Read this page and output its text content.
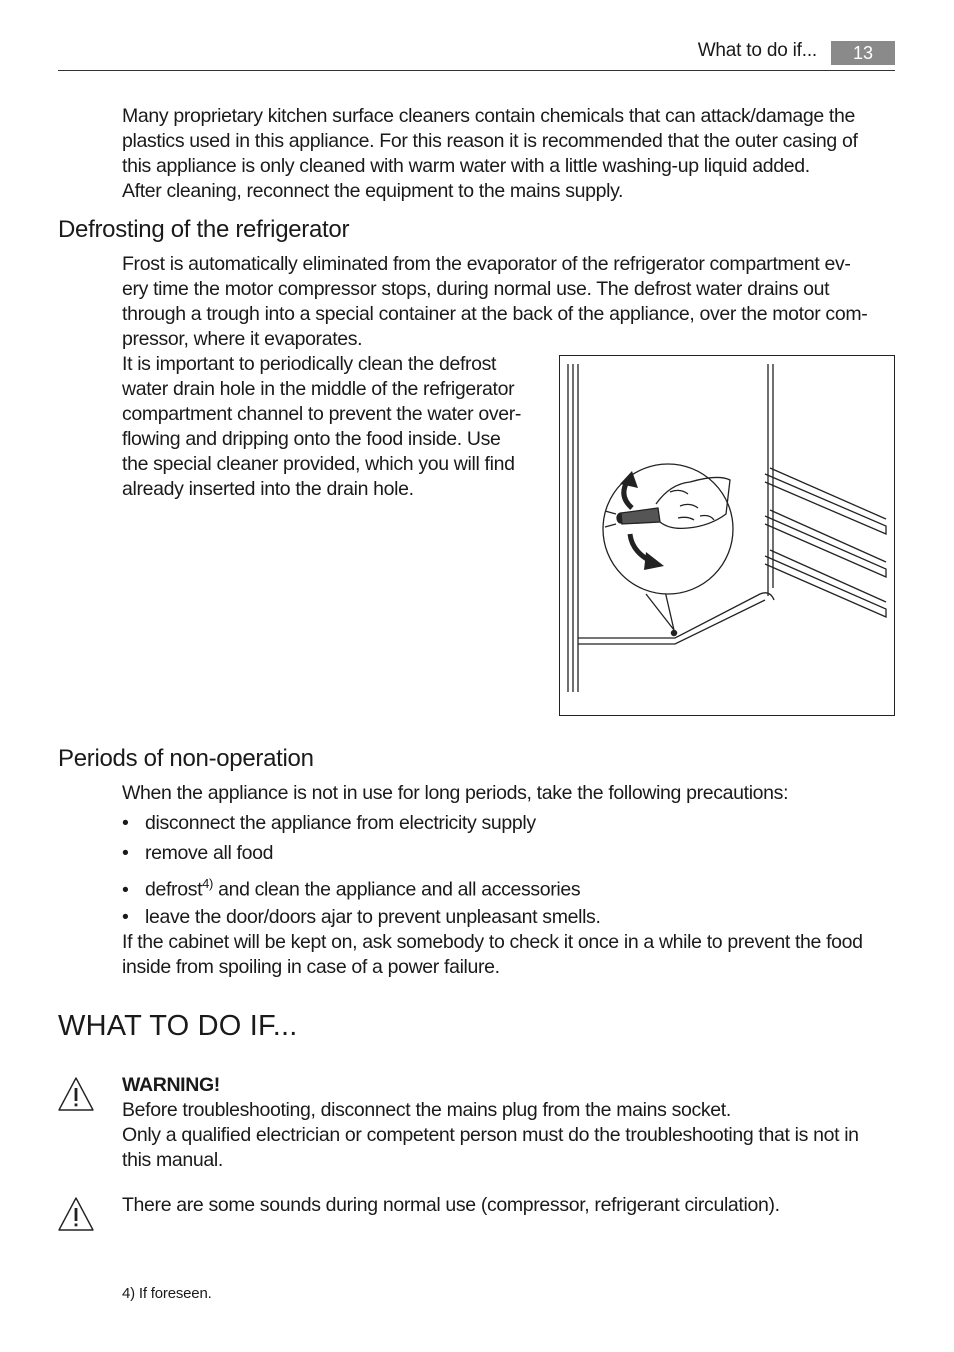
What to do if...	13
Many proprietary kitchen surface cleaners contain chemicals that can attack/damage the
plastics used in this appliance. For this reason it is recommended that the outer casing of
this appliance is only cleaned with warm water with a little washing-up liquid added.
After cleaning, reconnect the equipment to the mains supply.
Defrosting of the refrigerator
Frost is automatically eliminated from the evaporator of the refrigerator compartment ev-
ery time the motor compressor stops, during normal use. The defrost water drains out
through a trough into a special container at the back of the appliance, over the motor com-
pressor, where it evaporates.
It is important to periodically clean the defrost
water drain hole in the middle of the refrigerator
compartment channel to prevent the water over-
flowing and dripping onto the food inside. Use
the special cleaner provided, which you will find
already inserted into the drain hole.
Periods of non-operation
When the appliance is not in use for long periods, take the following precautions:
• disconnect the appliance from electricity supply
• remove all food
• defrost$^{4)}$ and clean the appliance and all accessories
• leave the door/doors ajar to prevent unpleasant smells.
If the cabinet will be kept on, ask somebody to check it once in a while to prevent the food
inside from spoiling in case of a power failure.
WHAT TO DO IF...
WARNING!
Before troubleshooting, disconnect the mains plug from the mains socket.
Only a qualified electrician or competent person must do the troubleshooting that is not in
this manual.
There are some sounds during normal use (compressor, refrigerant circulation).
4) If foreseen.
